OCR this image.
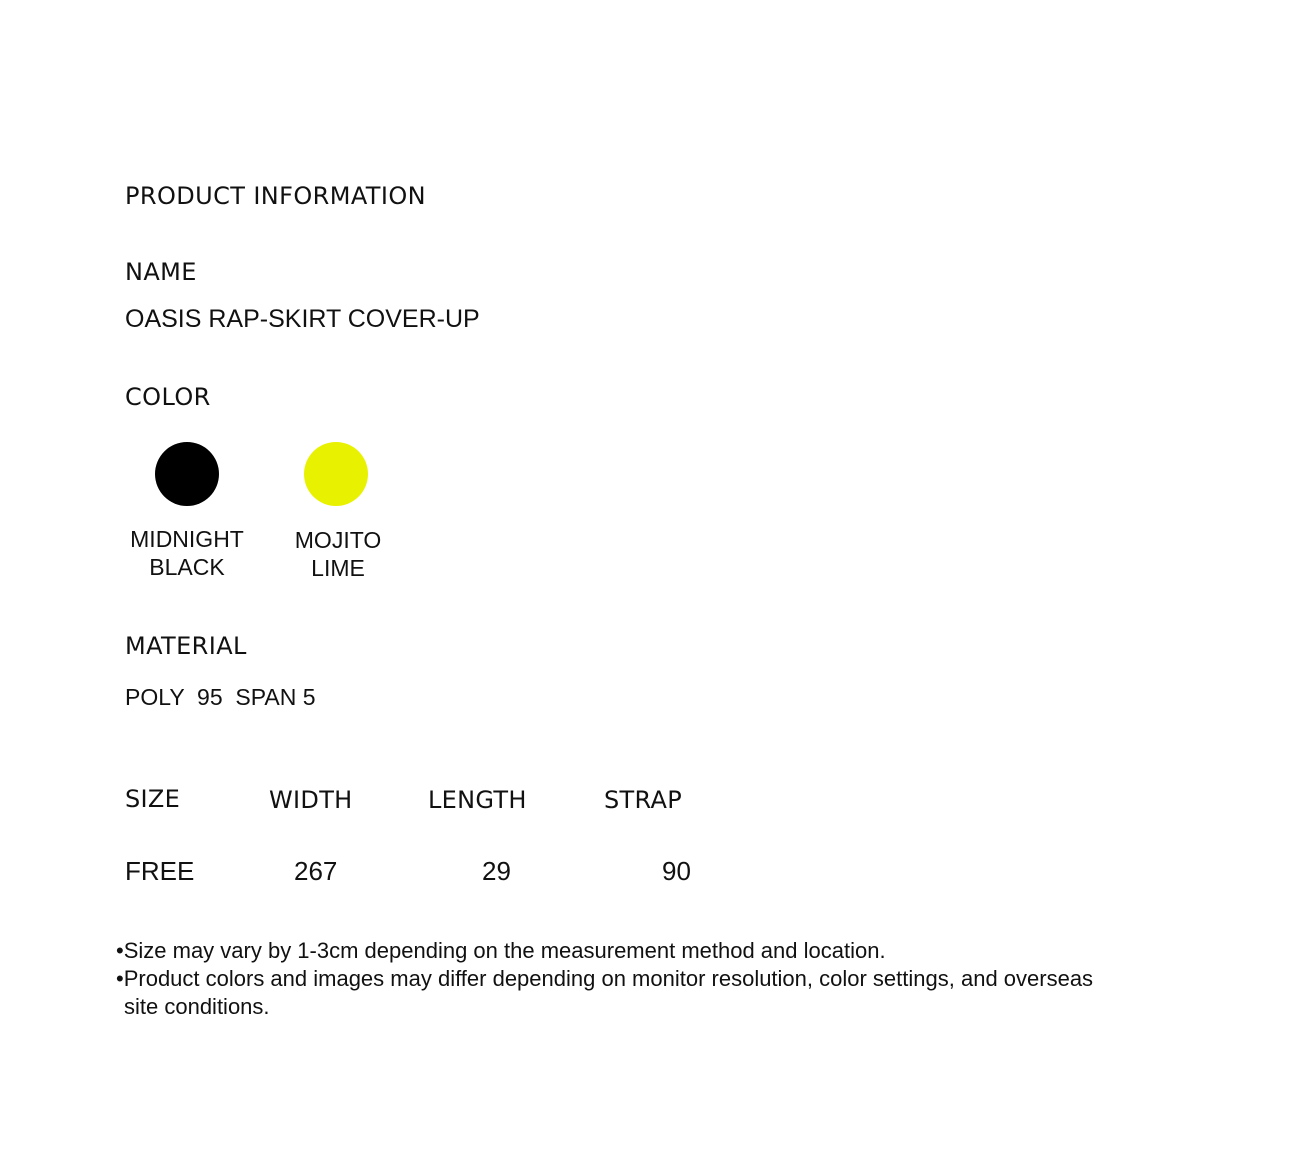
PRODUCT INFORMATION
NAME
OASIS RAP-SKIRT COVER-UP
COLOR
MIDNIGHT
BLACK
MOJITO
LIME
MATERIAL
POLY  95  SPAN 5
SIZE	WIDTH	LENGTH	STRAP
FREE	267	29	90
•Size may vary by 1-3cm depending on the measurement method and location.
•Product colors and images may differ depending on monitor resolution, color settings, and overseas
site conditions.
